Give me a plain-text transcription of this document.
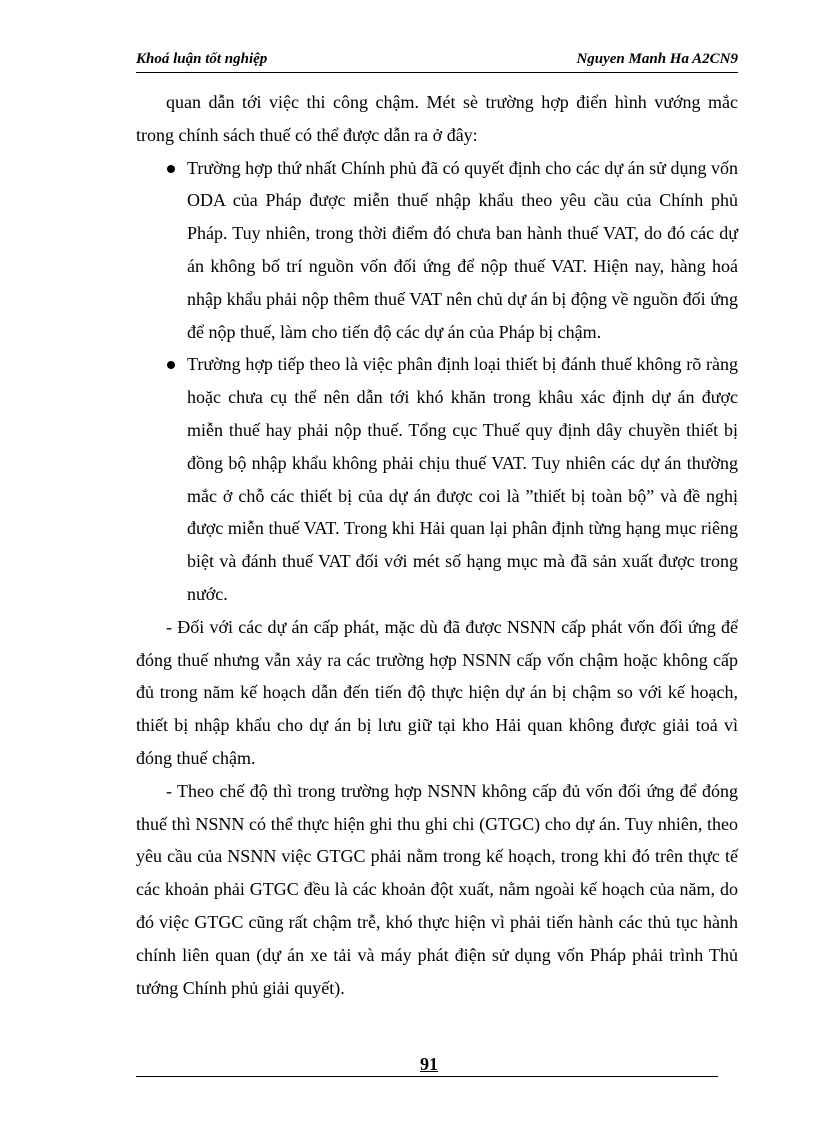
Khoá luận tốt nghiệp	Nguyen Manh Ha A2CN9

quan dẫn tới việc thi công chậm. Mét sè trường hợp điển hình vướng mắc trong chính sách thuế có thể được dẫn ra ở đây:

Trường hợp thứ nhất Chính phủ đã có quyết định cho các dự án sử dụng vốn ODA của Pháp được miễn thuế nhập khẩu theo yêu cầu của Chính phủ Pháp. Tuy nhiên, trong thời điểm đó chưa ban hành thuế VAT, do đó các dự án không bố trí nguồn vốn đối ứng để nộp thuế VAT. Hiện nay, hàng hoá nhập khẩu phải nộp thêm thuế VAT nên chủ dự án bị động về nguồn đối ứng để nộp thuế, làm cho tiến độ các dự án của Pháp bị chậm.
Trường hợp tiếp theo là việc phân định loại thiết bị đánh thuế không rõ ràng hoặc chưa cụ thể nên dẫn tới khó khăn trong khâu xác định dự án được miễn thuế hay phải nộp thuế. Tổng cục Thuế quy định dây chuyền thiết bị đồng bộ nhập khẩu không phải chịu thuế VAT. Tuy nhiên các dự án thường mắc ở chỗ các thiết bị của dự án được coi là ”thiết bị toàn bộ” và đề nghị được miễn thuế VAT. Trong khi Hải quan lại phân định từng hạng mục riêng biệt và đánh thuế VAT đối với mét số hạng mục mà đã sản xuất được trong nước.

- Đối với các dự án cấp phát, mặc dù đã được NSNN cấp phát vốn đối ứng để đóng thuế nhưng vẫn xảy ra các trường hợp NSNN cấp vốn chậm hoặc không cấp đủ trong năm kế hoạch dẫn đến tiến độ thực hiện dự án bị chậm so với kế hoạch, thiết bị nhập khẩu cho dự án bị lưu giữ tại kho Hải quan không được giải toả vì đóng thuế chậm.

- Theo chế độ thì trong trường hợp NSNN không cấp đủ vốn đối ứng để đóng thuế thì NSNN có thể thực hiện ghi thu ghi chi (GTGC) cho dự án. Tuy nhiên, theo yêu cầu của NSNN việc GTGC phải nằm trong kế hoạch, trong khi đó trên thực tế các khoản phải GTGC đều là các khoản đột xuất, nằm ngoài kế hoạch của năm, do đó việc GTGC cũng rất chậm trễ, khó thực hiện vì phải tiến hành các thủ tục hành chính liên quan (dự án xe tải và máy phát điện sử dụng vốn Pháp phải trình Thủ tướng Chính phủ giải quyết).

91
